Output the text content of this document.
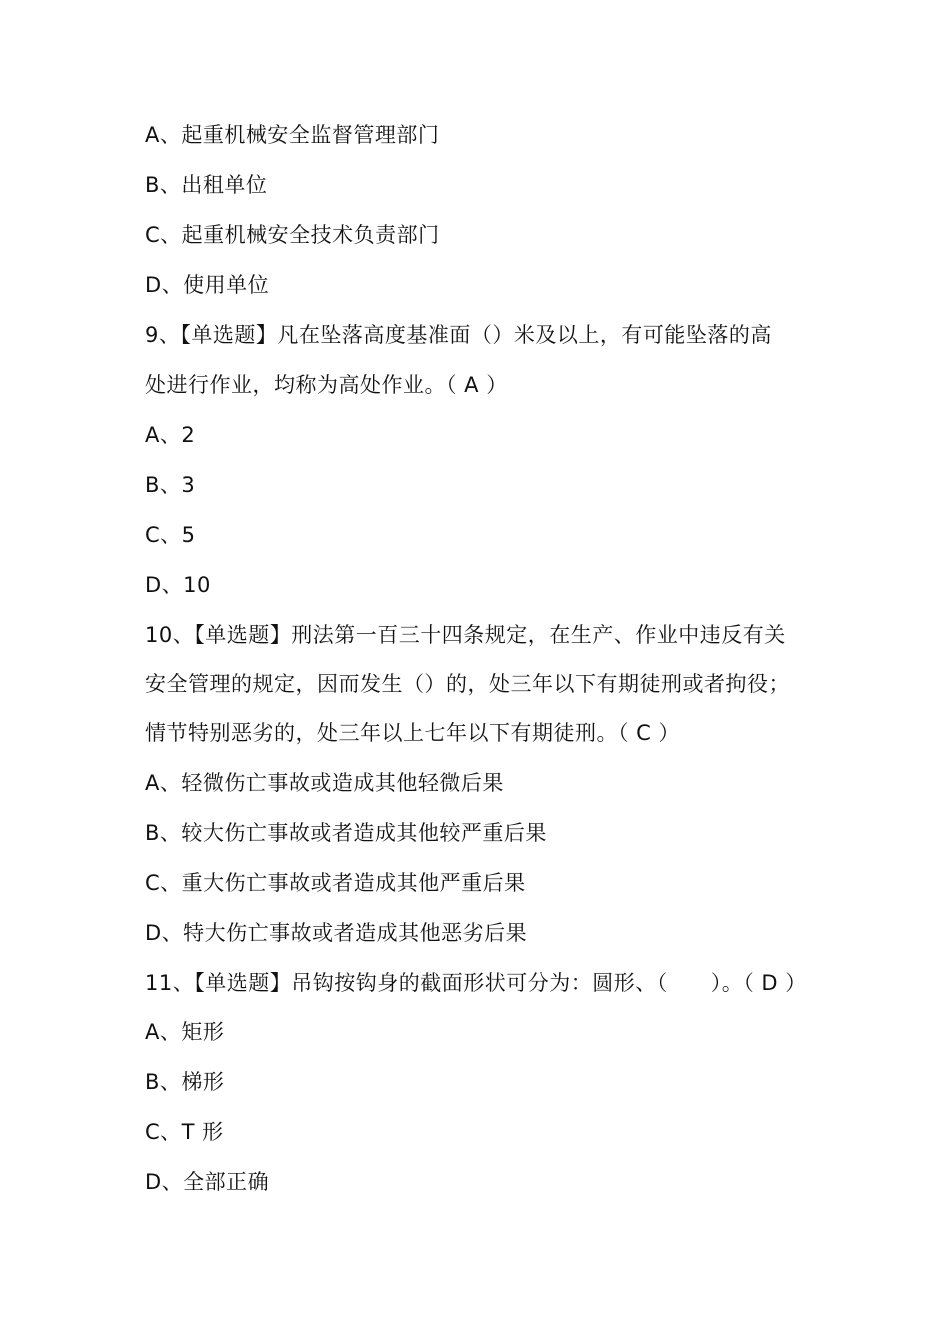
A、起重机械安全监督管理部门
B、出租单位
C、起重机械安全技术负责部门
D、使用单位
9、【单选题】凡在坠落高度基准面（）米及以上，有可能坠落的高
处进行作业，均称为高处作业。（ A ）
A、2
B、3
C、5
D、10
10、【单选题】刑法第一百三十四条规定，在生产、作业中违反有关
安全管理的规定，因而发生（）的，处三年以下有期徒刑或者拘役；
情节特别恶劣的，处三年以上七年以下有期徒刑。（ C ）
A、轻微伤亡事故或造成其他轻微后果
B、较大伤亡事故或者造成其他较严重后果
C、重大伤亡事故或者造成其他严重后果
D、特大伤亡事故或者造成其他恶劣后果
11、【单选题】吊钩按钩身的截面形状可分为：圆形、（　　）。（ D ）
A、矩形
B、梯形
C、T 形
D、全部正确
